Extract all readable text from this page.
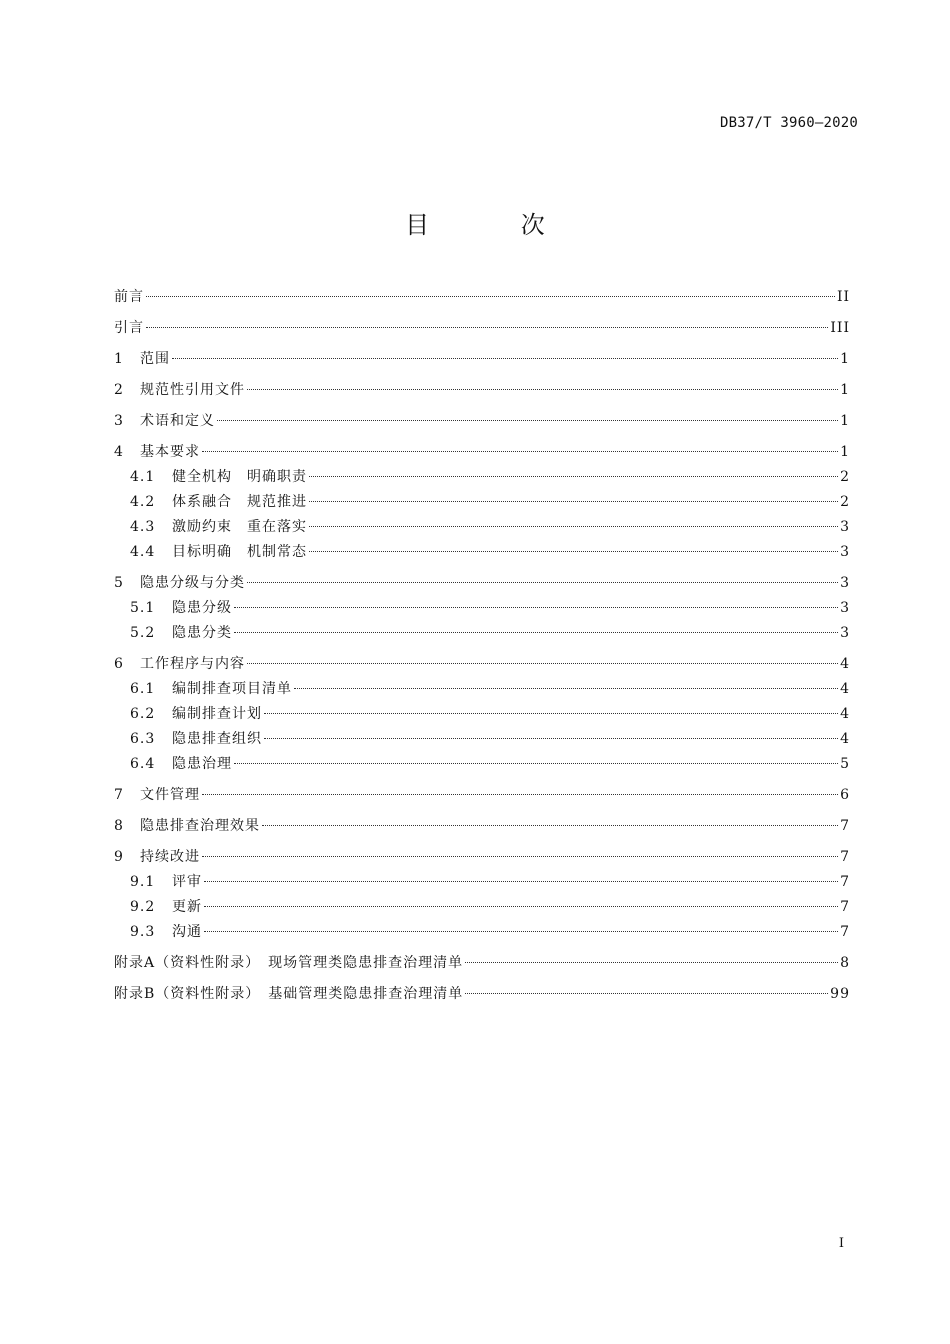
DB37/T 3960—2020
目 次
前言	II
引言	III
1	范围	1
2	规范性引用文件	1
3	术语和定义	1
4	基本要求	1
4.1	健全机构　明确职责	2
4.2	体系融合　规范推进	2
4.3	激励约束　重在落实	3
4.4	目标明确　机制常态	3
5	隐患分级与分类	3
5.1	隐患分级	3
5.2	隐患分类	3
6	工作程序与内容	4
6.1	编制排查项目清单	4
6.2	编制排查计划	4
6.3	隐患排查组织	4
6.4	隐患治理	5
7	文件管理	6
8	隐患排查治理效果	7
9	持续改进	7
9.1	评审	7
9.2	更新	7
9.3	沟通	7
附录A（资料性附录）　现场管理类隐患排查治理清单	8
附录B（资料性附录）　基础管理类隐患排查治理清单	99
I
